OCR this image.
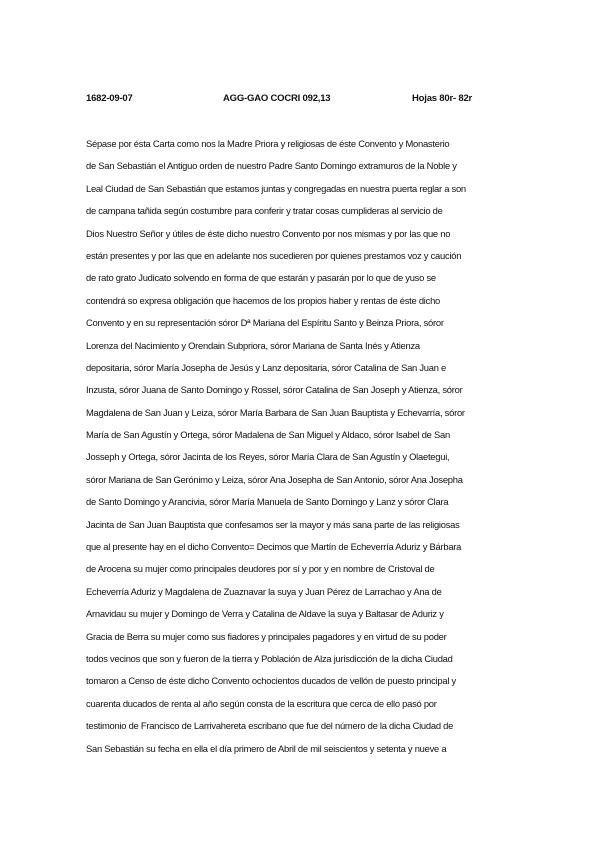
1682-09-07	AGG-GAO COCRI 092,13	Hojas 80r- 82r
Sépase por ésta Carta como nos la Madre Priora y religiosas de éste Convento y Monasterio
de San Sebastián el Antiguo orden de nuestro Padre Santo Domingo extramuros de la Noble y
Leal Ciudad de San Sebastián que estamos juntas y congregadas en nuestra puerta reglar a son
de campana tañida según costumbre para conferir y tratar cosas cumplideras al servicio de
Dios Nuestro Señor y útiles de éste dicho nuestro Convento por nos mismas y por las que no
están presentes y por las que en adelante nos sucedieren por quienes prestamos voz y caución
de rato grato Judicato solvendo en forma de que estarán y pasarán por lo que de yuso se
contendrá so expresa obligación que hacemos de los propios haber y rentas de éste dicho
Convento y en su representación sóror Dª Mariana del Espíritu Santo y Beinza Priora, sóror
Lorenza del Nacimiento y Orendain Subpriora, sóror Mariana de Santa Inés y Atienza
depositaria, sóror María Josepha de Jesús y Lanz depositaria, sóror Catalina de San Juan e
Inzusta, sóror Juana de Santo Domingo y Rossel, sóror Catalina de San Joseph y Atienza, sóror
Magdalena de San Juan y Leiza, sóror María Barbara de San Juan Bauptista y Echevarría, sóror
María de San Agustín y Ortega, sóror Madalena de San Miguel y Aldaco, sóror Isabel de San
Josseph y Ortega, sóror Jacinta de los Reyes, sóror María Clara de San Agustín y Olaetegui,
sóror Mariana de San Gerónimo y Leiza, sóror Ana Josepha de San Antonio, sóror Ana Josepha
de Santo Domingo y Arancivia, sóror María Manuela de Santo Domingo y Lanz y sóror Clara
Jacinta de San Juan Bauptista que confesamos ser la mayor y más sana parte de las religiosas
que al presente hay en el dicho Convento= Decimos que Martín de Echeverría Aduriz y Bárbara
de Arocena su mujer como principales deudores por sí y por y en nombre de Cristoval de
Echeverría Aduriz y Magdalena de Zuaznavar la suya y Juan Pérez de Larrachao y Ana de
Arnavidau su mujer y Domingo de Verra y Catalina de Aldave la suya y Baltasar de Aduriz y
Gracia de Berra su mujer como sus fiadores y principales pagadores y en virtud de su poder
todos vecinos que son y fueron de la tierra y Población de Alza jurisdicción de la dicha Ciudad
tomaron a Censo de éste dicho Convento ochocientos ducados de vellón de puesto principal y
cuarenta ducados de renta al año según consta de la escritura que cerca de ello pasó por
testimonio de Francisco de Larrivahereta escribano que fue del número de la dicha Ciudad de
San Sebastián su fecha en ella el día primero de Abril de mil seiscientos y setenta y nueve a
